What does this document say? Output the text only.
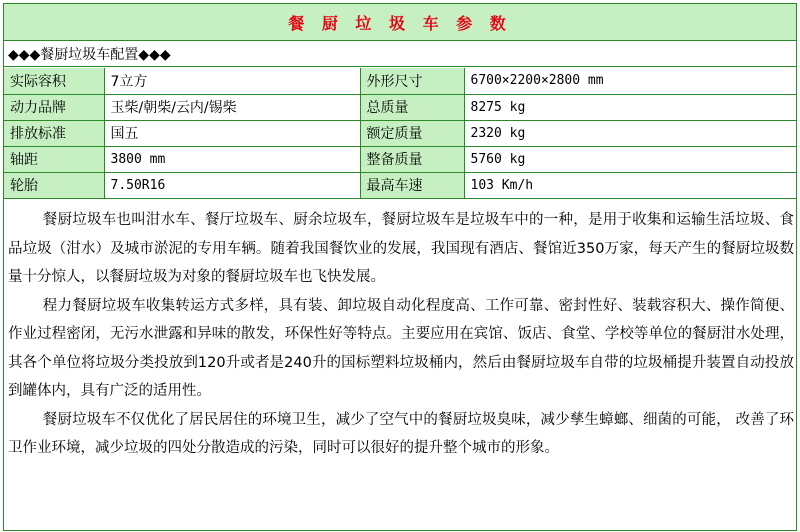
餐 厨 垃 圾 车 参 数
◆◆◆餐厨垃圾车配置◆◆◆
实际容积	7立方	外形尺寸	6700×2200×2800 mm
动力品牌	玉柴/朝柴/云内/锡柴	总质量	8275 kg
排放标准	国五	额定质量	2320 kg
轴距	3800 mm	整备质量	5760 kg
轮胎	7.50R16	最高车速	103 Km/h

餐厨垃圾车也叫泔水车、餐厅垃圾车、厨余垃圾车，餐厨垃圾车是垃圾车中的一种，是用于收集和运输生活垃圾、食品垃圾（泔水）及城市淤泥的专用车辆。随着我国餐饮业的发展，我国现有酒店、餐馆近350万家，每天产生的餐厨垃圾数量十分惊人，以餐厨垃圾为对象的餐厨垃圾车也飞快发展。

程力餐厨垃圾车收集转运方式多样，具有装、卸垃圾自动化程度高、工作可靠、密封性好、装载容积大、操作简便、作业过程密闭，无污水泄露和异味的散发，环保性好等特点。主要应用在宾馆、饭店、食堂、学校等单位的餐厨泔水处理，其各个单位将垃圾分类投放到120升或者是240升的国标塑料垃圾桶内，然后由餐厨垃圾车自带的垃圾桶提升装置自动投放到罐体内，具有广泛的适用性。

餐厨垃圾车不仅优化了居民居住的环境卫生，减少了空气中的餐厨垃圾臭味，减少孳生蟑螂、细菌的可能， 改善了环卫作业环境，减少垃圾的四处分散造成的污染，同时可以很好的提升整个城市的形象。
